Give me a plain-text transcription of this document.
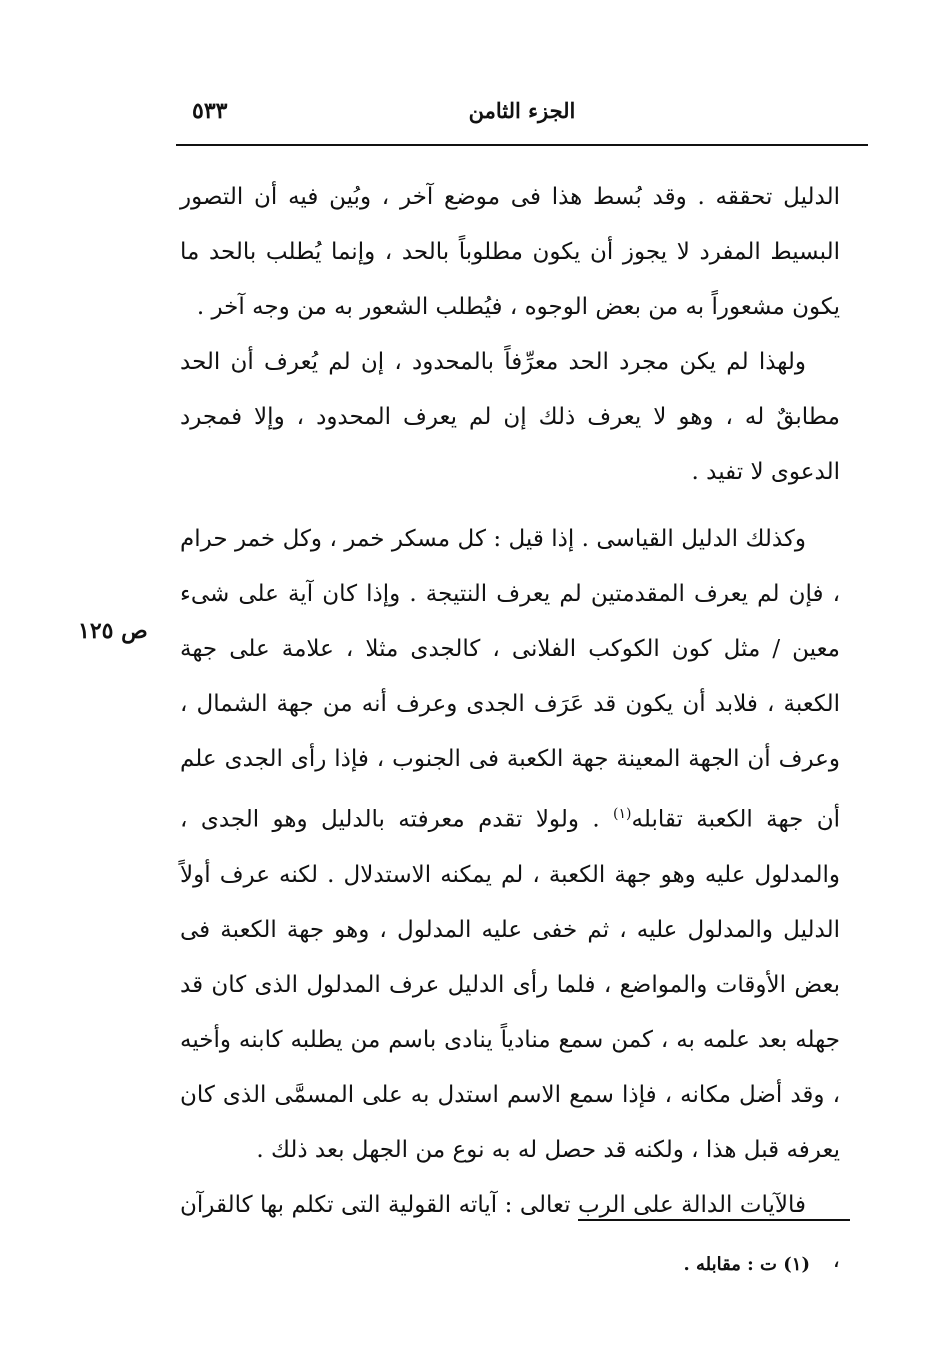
الجزء الثامن
٥٣٣

الدليل تحققه . وقد بُسط هذا فى موضع آخر ، وبُين فيه أن التصور البسيط المفرد لا يجوز أن يكون مطلوباً بالحد ، وإنما يُطلب بالحد ما يكون مشعوراً به من بعض الوجوه ، فيُطلب الشعور به من وجه آخر .

ولهذا لم يكن مجرد الحد معرِّفاً بالمحدود ، إن لم يُعرف أن الحد مطابقٌ له ، وهو لا يعرف ذلك إن لم يعرف المحدود ، وإلا فمجرد الدعوى لا تفيد .

وكذلك الدليل القياسى . إذا قيل : كل مسكر خمر ، وكل خمر حرام ، فإن لم يعرف المقدمتين لم يعرف النتيجة . وإذا كان آية على شىء معين / مثل كون الكوكب الفلانى ، كالجدى مثلا ، علامة على جهة الكعبة ، فلابد أن يكون قد عَرَف الجدى وعرف أنه من جهة الشمال ، وعرف أن الجهة المعينة جهة الكعبة فى الجنوب ، فإذا رأى الجدى علم أن جهة الكعبة تقابله$^{(١)}$ . ولولا تقدم معرفته بالدليل وهو الجدى ، والمدلول عليه وهو جهة الكعبة ، لم يمكنه الاستدلال . لكنه عرف أولاً الدليل والمدلول عليه ، ثم خفى عليه المدلول ، وهو جهة الكعبة فى بعض الأوقات والمواضع ، فلما رأى الدليل عرف المدلول الذى كان قد جهله بعد علمه به ، كمن سمع منادياً ينادى باسم من يطلبه كابنه وأخيه ، وقد أضل مكانه ، فإذا سمع الاسم استدل به على المسمَّى الذى كان يعرفه قبل هذا ، ولكنه قد حصل له به نوع من الجهل بعد ذلك .

فالآيات الدالة على الرب تعالى : آياته القولية التى تكلم بها كالقرآن ،

ص ١٢٥
(١) ت : مقابله .
